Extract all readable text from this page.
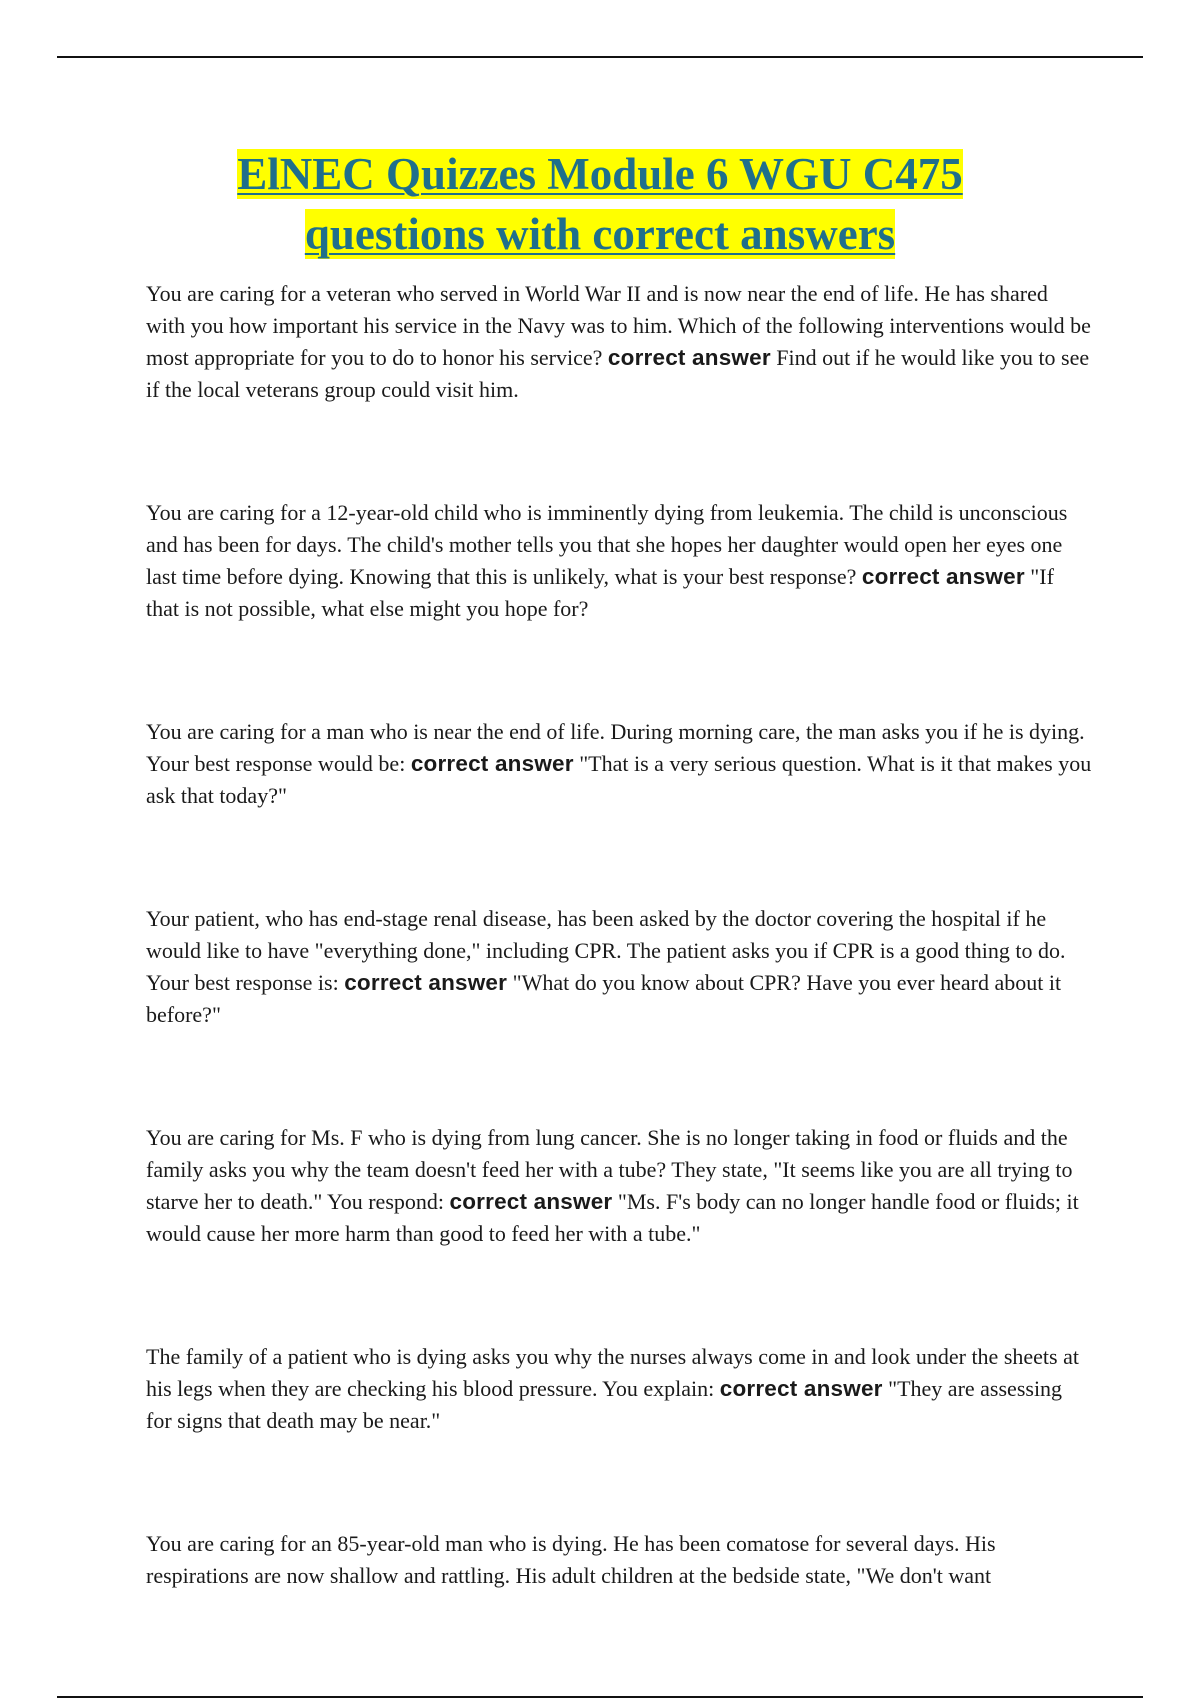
ElNEC Quizzes Module 6 WGU C475
questions with correct answers

You are caring for a veteran who served in World War II and is now near the end of life. He has shared with you how important his service in the Navy was to him. Which of the following interventions would be most appropriate for you to do to honor his service? correct answer Find out if he would like you to see if the local veterans group could visit him.

You are caring for a 12-year-old child who is imminently dying from leukemia. The child is unconscious and has been for days. The child's mother tells you that she hopes her daughter would open her eyes one last time before dying. Knowing that this is unlikely, what is your best response? correct answer "If that is not possible, what else might you hope for?

You are caring for a man who is near the end of life. During morning care, the man asks you if he is dying. Your best response would be: correct answer "That is a very serious question. What is it that makes you ask that today?"

Your patient, who has end-stage renal disease, has been asked by the doctor covering the hospital if he would like to have "everything done," including CPR. The patient asks you if CPR is a good thing to do. Your best response is: correct answer "What do you know about CPR? Have you ever heard about it before?"

You are caring for Ms. F who is dying from lung cancer. She is no longer taking in food or fluids and the family asks you why the team doesn't feed her with a tube? They state, "It seems like you are all trying to starve her to death." You respond: correct answer "Ms. F's body can no longer handle food or fluids; it would cause her more harm than good to feed her with a tube."

The family of a patient who is dying asks you why the nurses always come in and look under the sheets at his legs when they are checking his blood pressure. You explain: correct answer "They are assessing for signs that death may be near."

You are caring for an 85-year-old man who is dying. He has been comatose for several days. His respirations are now shallow and rattling. His adult children at the bedside state, "We don't want
